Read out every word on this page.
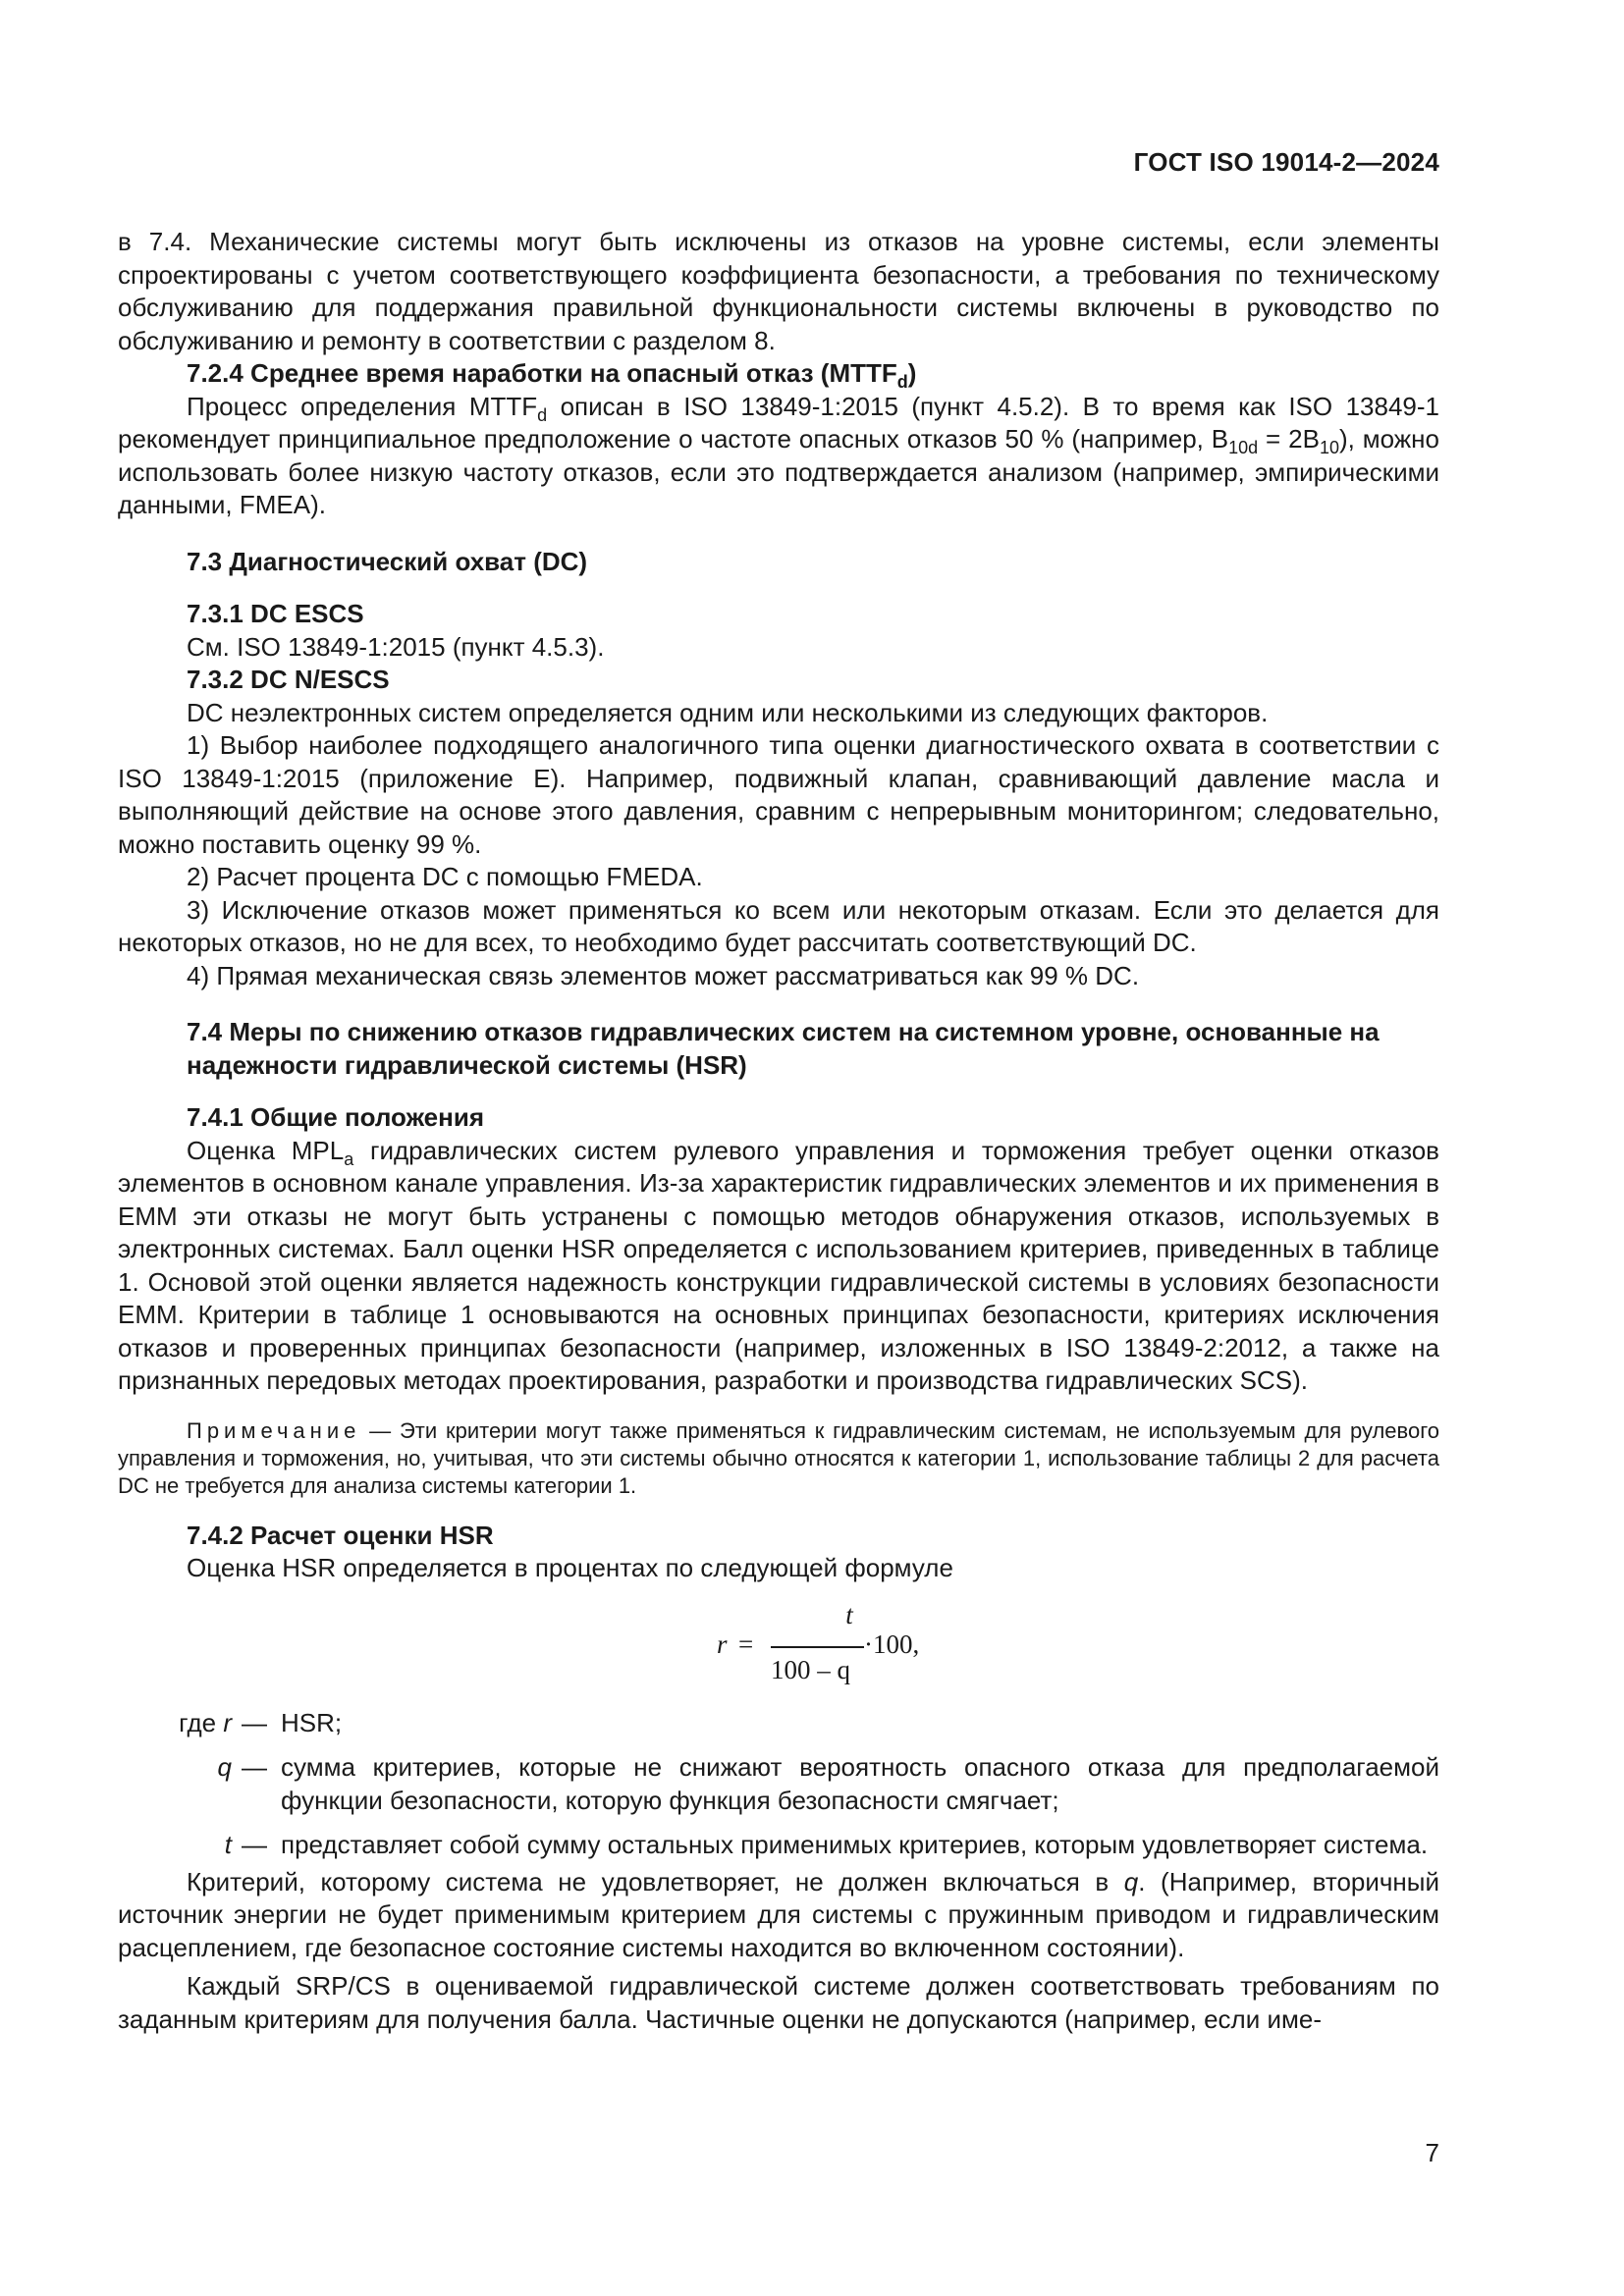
ГОСТ ISO 19014-2—2024

в 7.4. Механические системы могут быть исключены из отказов на уровне системы, если элементы спроектированы с учетом соответствующего коэффициента безопасности, а требования по техническому обслуживанию для поддержания правильной функциональности системы включены в руководство по обслуживанию и ремонту в соответствии с разделом 8.

7.2.4 Среднее время наработки на опасный отказ $(MTTF_d)$

Процесс определения $MTTF_d$ описан в ISO 13849-1:2015 (пункт 4.5.2). В то время как ISO 13849-1 рекомендует принципиальное предположение о частоте опасных отказов 50 % (например, $B_{10d} = 2B_{10}$), можно использовать более низкую частоту отказов, если это подтверждается анализом (например, эмпирическими данными, FMEA).

7.3 Диагностический охват (DC)

7.3.1 DC ESCS

См. ISO 13849-1:2015 (пункт 4.5.3).

7.3.2 DC N/ESCS

DC неэлектронных систем определяется одним или несколькими из следующих факторов.

1) Выбор наиболее подходящего аналогичного типа оценки диагностического охвата в соответствии с ISO 13849-1:2015 (приложение E). Например, подвижный клапан, сравнивающий давление масла и выполняющий действие на основе этого давления, сравним с непрерывным мониторингом; следовательно, можно поставить оценку 99 %.

2) Расчет процента DC с помощью FMEDA.

3) Исключение отказов может применяться ко всем или некоторым отказам. Если это делается для некоторых отказов, но не для всех, то необходимо будет рассчитать соответствующий DC.

4) Прямая механическая связь элементов может рассматриваться как 99 % DC.

7.4 Меры по снижению отказов гидравлических систем на системном уровне, основанные на надежности гидравлической системы (HSR)

7.4.1 Общие положения

Оценка $MPL_a$ гидравлических систем рулевого управления и торможения требует оценки отказов элементов в основном канале управления. Из-за характеристик гидравлических элементов и их применения в ЕММ эти отказы не могут быть устранены с помощью методов обнаружения отказов, используемых в электронных системах. Балл оценки HSR определяется с использованием критериев, приведенных в таблице 1. Основой этой оценки является надежность конструкции гидравлической системы в условиях безопасности ЕММ. Критерии в таблице 1 основываются на основных принципах безопасности, критериях исключения отказов и проверенных принципах безопасности (например, изложенных в ISO 13849-2:2012, а также на признанных передовых методах проектирования, разработки и производства гидравлических SCS).

Примечание — Эти критерии могут также применяться к гидравлическим системам, не используемым для рулевого управления и торможения, но, учитывая, что эти системы обычно относятся к категории 1, использование таблицы 2 для расчета DC не требуется для анализа системы категории 1.

7.4.2 Расчет оценки HSR

Оценка HSR определяется в процентах по следующей формуле

r =
t
100 – q
·100,
где r — HSR;
q — сумма критериев, которые не снижают вероятность опасного отказа для предполагаемой функции безопасности, которую функция безопасности смягчает;
t — представляет собой сумму остальных применимых критериев, которым удовлетворяет система.

Критерий, которому система не удовлетворяет, не должен включаться в q. (Например, вторичный источник энергии не будет применимым критерием для системы с пружинным приводом и гидравлическим расцеплением, где безопасное состояние системы находится во включенном состоянии).

Каждый SRP/CS в оцениваемой гидравлической системе должен соответствовать требованиям по заданным критериям для получения балла. Частичные оценки не допускаются (например, если име-

7
